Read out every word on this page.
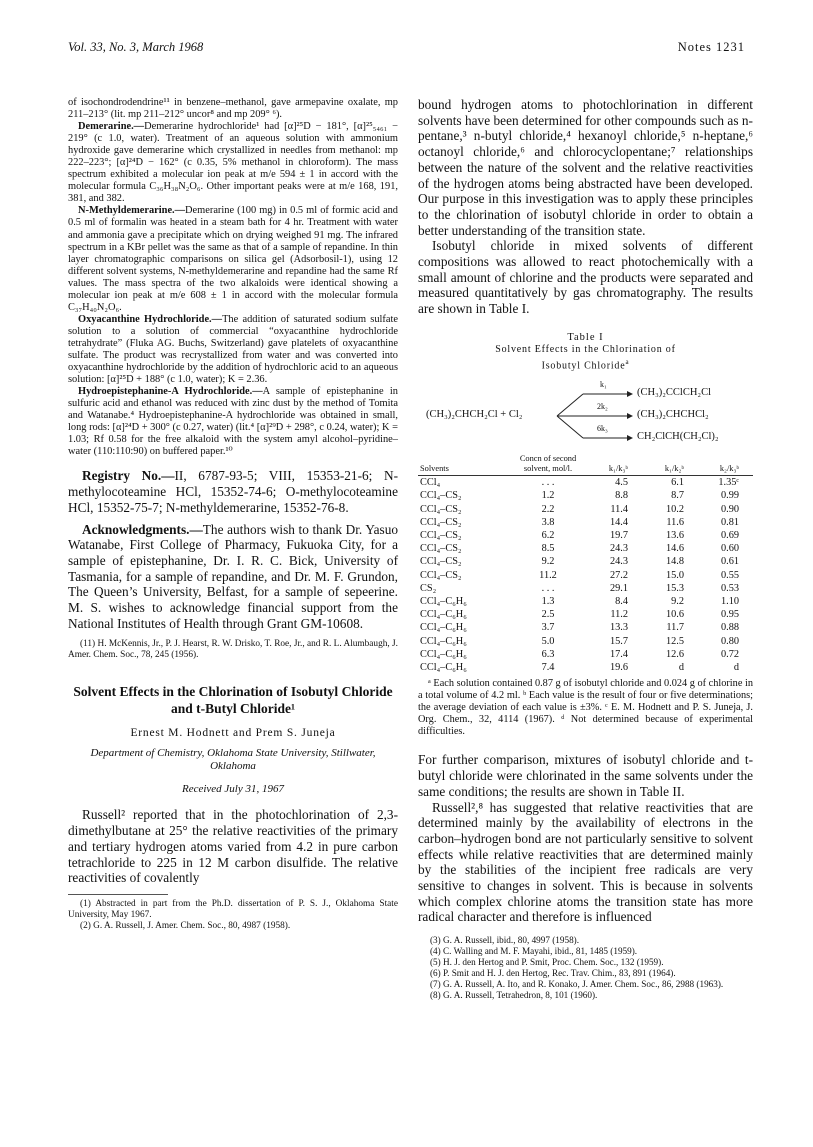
Vol. 33, No. 3, March 1968	Notes 1231

of isochondrodendrine¹¹ in benzene–methanol, gave armepavine oxalate, mp 211–213° (lit. mp 211–212° uncor⁸ and mp 209° ⁶).

Demerarine.—Demerarine hydrochloride¹ had [α]²⁵D − 181°, [α]²⁵₅₄₆₁ − 219° (c 1.0, water). Treatment of an aqueous solution with ammonium hydroxide gave demerarine which crystallized in needles from methanol: mp 222–223°; [α]²⁴D − 162° (c 0.35, 5% methanol in chloroform). The mass spectrum exhibited a molecular ion peak at m/e 594 ± 1 in accord with the molecular formula C₃₆H₃₈N₂O₆. Other important peaks were at m/e 168, 191, 381, and 382.

N-Methyldemerarine.—Demerarine (100 mg) in 0.5 ml of formic acid and 0.5 ml of formalin was heated in a steam bath for 4 hr. Treatment with water and ammonia gave a precipitate which on drying weighed 91 mg. The infrared spectrum in a KBr pellet was the same as that of a sample of repandine. In thin layer chromatographic comparisons on silica gel (Adsorbosil-1), using 12 different solvent systems, N-methyldemerarine and repandine had the same Rf values. The mass spectra of the two alkaloids were identical showing a molecular ion peak at m/e 608 ± 1 in accord with the molecular formula C₃₇H₄₀N₂O₆.

Oxyacanthine Hydrochloride.—The addition of saturated sodium sulfate solution to a solution of commercial “oxyacanthine hydrochloride tetrahydrate” (Fluka AG. Buchs, Switzerland) gave platelets of oxyacanthine sulfate. The product was recrystallized from water and was converted into oxyacanthine hydrochloride by the addition of hydrochloric acid to an aqueous solution: [α]²⁵D + 188° (c 1.0, water); K = 2.36.

Hydroepistephanine-A Hydrochloride.—A sample of epistephanine in sulfuric acid and ethanol was reduced with zinc dust by the method of Tomita and Watanabe.⁴ Hydroepistephanine-A hydrochloride was obtained in small, long rods: [α]²⁴D + 300° (c 0.27, water) (lit.⁴ [α]²⁹D + 298°, c 0.24, water); K = 1.03; Rf 0.58 for the free alkaloid with the system amyl alcohol–pyridine–water (110:110:90) on buffered paper.¹⁰

Registry No.—II, 6787-93-5; VIII, 15353-21-6; N-methylocoteamine HCl, 15352-74-6; O-methylocoteamine HCl, 15352-75-7; N-methyldemerarine, 15352-76-8.

Acknowledgments.—The authors wish to thank Dr. Yasuo Watanabe, First College of Pharmacy, Fukuoka City, for a sample of epistephanine, Dr. I. R. C. Bick, University of Tasmania, for a sample of repandine, and Dr. M. F. Grundon, The Queen’s University, Belfast, for a sample of sepeerine. M. S. wishes to acknowledge financial support from the National Institutes of Health through Grant GM-10608.

(11) H. McKennis, Jr., P. J. Hearst, R. W. Drisko, T. Roe, Jr., and R. L. Alumbaugh, J. Amer. Chem. Soc., 78, 245 (1956).

Solvent Effects in the Chlorination of Isobutyl Chloride and t-Butyl Chloride¹
Ernest M. Hodnett and Prem S. Juneja
Department of Chemistry, Oklahoma State University, Stillwater, Oklahoma
Received July 31, 1967

Russell² reported that in the photochlorination of 2,3-dimethylbutane at 25° the relative reactivities of the primary and tertiary hydrogen atoms varied from 4.2 in pure carbon tetrachloride to 225 in 12 M carbon disulfide. The relative reactivities of covalently

(1) Abstracted in part from the Ph.D. dissertation of P. S. J., Oklahoma State University, May 1967.

(2) G. A. Russell, J. Amer. Chem. Soc., 80, 4987 (1958).

bound hydrogen atoms to photochlorination in different solvents have been determined for other compounds such as n-pentane,³ n-butyl chloride,⁴ hexanoyl chloride,⁵ n-heptane,⁶ octanoyl chloride,⁶ and chlorocyclopentane;⁷ relationships between the nature of the solvent and the relative reactivities of the hydrogen atoms being abstracted have been developed. Our purpose in this investigation was to apply these principles to the chlorination of isobutyl chloride in order to obtain a better understanding of the transition state.

Isobutyl chloride in mixed solvents of different compositions was allowed to react photochemically with a small amount of chlorine and the products were separated and measured quantitatively by gas chromatography. The results are shown in Table I.

Table I
Solvent Effects in the Chlorination of
Isobutyl Chloride$^a$
(CH₃)₂CHCH₂Cl + Cl₂
k₁
2k₂
6k₃
(CH₃)₂CClCH₂Cl
(CH₃)₂CHCHCl₂
CH₂ClCH(CH₂Cl)₂
Solvents	Concn of second solvent, mol/l.	k₁/k₃ᵇ	k₁/k₂ᵇ	k₂/k₃ᵇ
CCl₄	. . .	4.5	6.1	1.35ᶜ
CCl₄–CS₂	1.2	8.8	8.7	0.99
CCl₄–CS₂	2.2	11.4	10.2	0.90
CCl₄–CS₂	3.8	14.4	11.6	0.81
CCl₄–CS₂	6.2	19.7	13.6	0.69
CCl₄–CS₂	8.5	24.3	14.6	0.60
CCl₄–CS₂	9.2	24.3	14.8	0.61
CCl₄–CS₂	11.2	27.2	15.0	0.55
CS₂	. . .	29.1	15.3	0.53
CCl₄–C₆H₆	1.3	8.4	9.2	1.10
CCl₄–C₆H₆	2.5	11.2	10.6	0.95
CCl₄–C₆H₆	3.7	13.3	11.7	0.88
CCl₄–C₆H₆	5.0	15.7	12.5	0.80
CCl₄–C₆H₆	6.3	17.4	12.6	0.72
CCl₄–C₆H₆	7.4	19.6	d	d

ᵃ Each solution contained 0.87 g of isobutyl chloride and 0.024 g of chlorine in a total volume of 4.2 ml. ᵇ Each value is the result of four or five determinations; the average deviation of each value is ±3%. ᶜ E. M. Hodnett and P. S. Juneja, J. Org. Chem., 32, 4114 (1967). ᵈ Not determined because of experimental difficulties.

For further comparison, mixtures of isobutyl chloride and t-butyl chloride were chlorinated in the same solvents under the same conditions; the results are shown in Table II.

Russell²,⁸ has suggested that relative reactivities that are determined mainly by the availability of electrons in the carbon–hydrogen bond are not particularly sensitive to solvent effects while relative reactivities that are determined mainly by the stabilities of the incipient free radicals are very sensitive to changes in solvent. This is because in solvents which complex chlorine atoms the transition state has more radical character and therefore is influenced

(3) G. A. Russell, ibid., 80, 4997 (1958).

(4) C. Walling and M. F. Mayahi, ibid., 81, 1485 (1959).

(5) H. J. den Hertog and P. Smit, Proc. Chem. Soc., 132 (1959).

(6) P. Smit and H. J. den Hertog, Rec. Trav. Chim., 83, 891 (1964).

(7) G. A. Russell, A. Ito, and R. Konako, J. Amer. Chem. Soc., 86, 2988 (1963).

(8) G. A. Russell, Tetrahedron, 8, 101 (1960).
